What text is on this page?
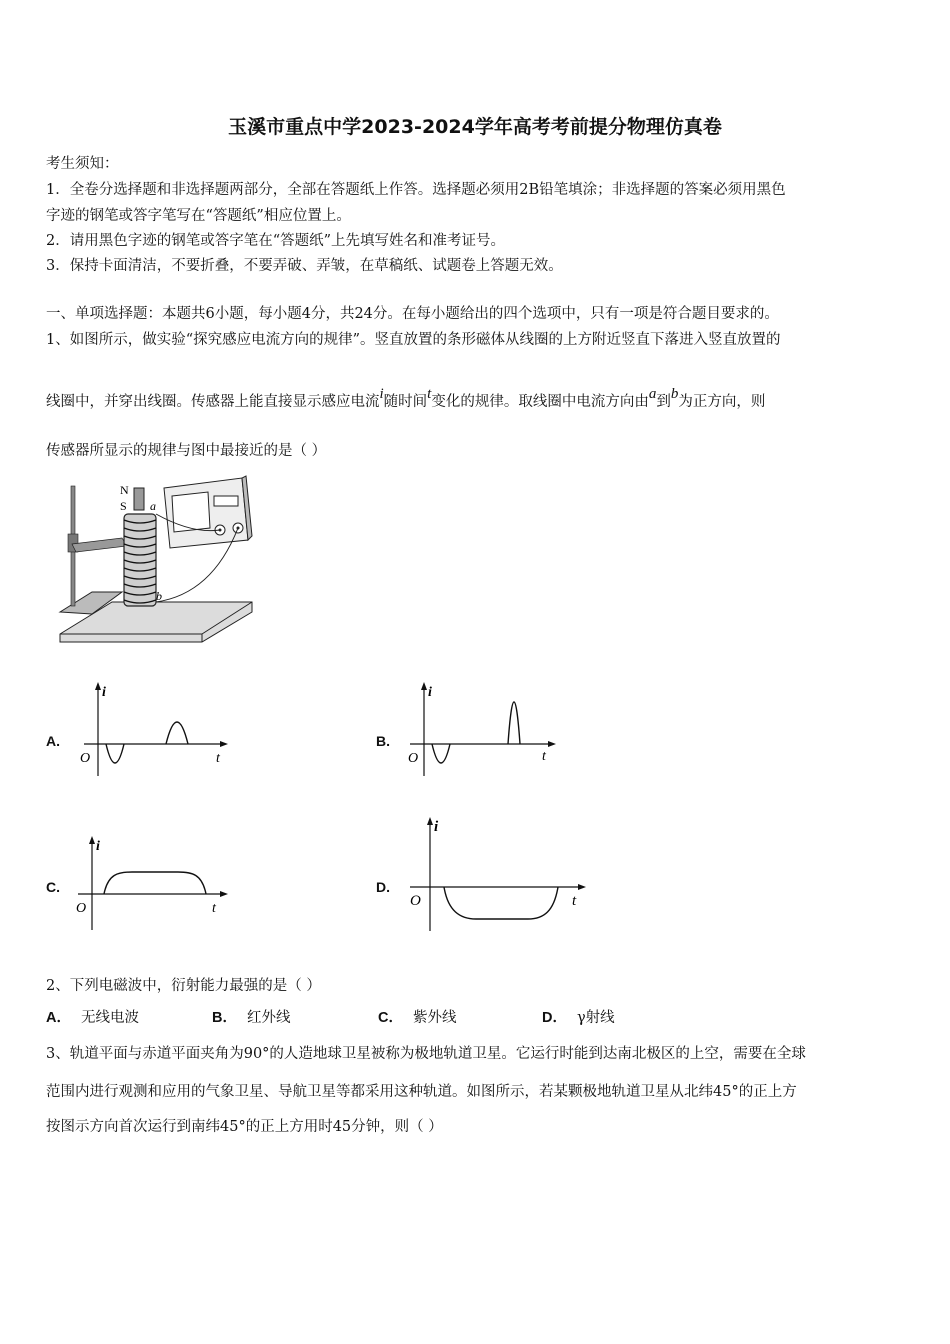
玉溪市重点中学2023-2024学年高考考前提分物理仿真卷
考生须知：
1．全卷分选择题和非选择题两部分，全部在答题纸上作答。选择题必须用2B铅笔填涂；非选择题的答案必须用黑色
字迹的钢笔或答字笔写在“答题纸”相应位置上。
2．请用黑色字迹的钢笔或答字笔在“答题纸”上先填写姓名和准考证号。
3．保持卡面清洁，不要折叠，不要弄破、弄皱，在草稿纸、试题卷上答题无效。
一、单项选择题：本题共6小题，每小题4分，共24分。在每小题给出的四个选项中，只有一项是符合题目要求的。
1、如图所示，做实验“探究感应电流方向的规律”。竖直放置的条形磁体从线圈的上方附近竖直下落进入竖直放置的
线圈中，并穿出线圈。传感器上能直接显示感应电流i随时间t变化的规律。取线圈中电流方向由a到b为正方向，则
传感器所显示的规律与图中最接近的是（ ）
N
S a
b
A.
i
t
O
B.
i
t
O
C.
i
t
O
D.
i
t
O
2、下列电磁波中，衍射能力最强的是（ ）
A． 无线电波	B． 红外线	C． 紫外线	D． γ射线
3、轨道平面与赤道平面夹角为90°的人造地球卫星被称为极地轨道卫星。它运行时能到达南北极区的上空，需要在全球
范围内进行观测和应用的气象卫星、导航卫星等都采用这种轨道。如图所示，若某颗极地轨道卫星从北纬45°的正上方
按图示方向首次运行到南纬45°的正上方用时45分钟，则（ ）
